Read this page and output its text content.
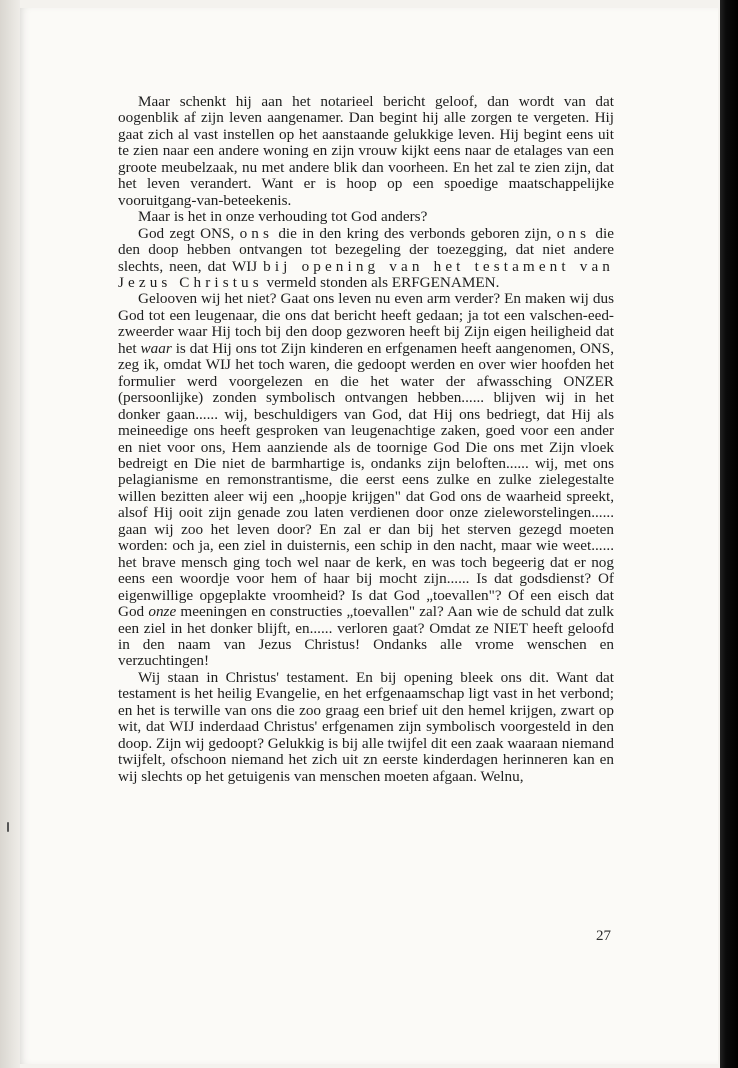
Maar schenkt hij aan het notarieel bericht geloof, dan wordt van dat oogenblik af zijn leven aangenamer. Dan begint hij alle zorgen te vergeten. Hij gaat zich al vast instellen op het aanstaande gelukkige leven. Hij begint eens uit te zien naar een andere woning en zijn vrouw kijkt eens naar de etalages van een groote meubelzaak, nu met andere blik dan voorheen. En het zal te zien zijn, dat het leven verandert. Want er is hoop op een spoedige maatschappelijke vooruitgang-van-beteekenis.

Maar is het in onze verhouding tot God anders?

God zegt ONS, ons die in den kring des verbonds geboren zijn, ons die den doop hebben ontvangen tot bezegeling der toezegging, dat niet andere slechts, neen, dat WIJ bij opening van het testament van Jezus Christus vermeld stonden als ERFGENAMEN.

Gelooven wij het niet? Gaat ons leven nu even arm verder? En maken wij dus God tot een leugenaar, die ons dat bericht heeft gedaan; ja tot een valschen-eed-zweerder waar Hij toch bij den doop gezworen heeft bij Zijn eigen heiligheid dat het waar is dat Hij ons tot Zijn kinderen en erfgenamen heeft aangenomen, ONS, zeg ik, omdat WIJ het toch waren, die gedoopt werden en over wier hoofden het formulier werd voorgelezen en die het water der afwassching ONZER (persoonlijke) zonden symbolisch ontvangen hebben...... blijven wij in het donker gaan...... wij, beschuldigers van God, dat Hij ons bedriegt, dat Hij als meineedige ons heeft gesproken van leugenachtige zaken, goed voor een ander en niet voor ons, Hem aanziende als de toornige God Die ons met Zijn vloek bedreigt en Die niet de barmhartige is, ondanks zijn beloften...... wij, met ons pelagianisme en remonstrantisme, die eerst eens zulke en zulke zielegestalte willen bezitten aleer wij een „hoopje krijgen" dat God ons de waarheid spreekt, alsof Hij ooit zijn genade zou laten verdienen door onze zieleworstelingen...... gaan wij zoo het leven door? En zal er dan bij het sterven gezegd moeten worden: och ja, een ziel in duisternis, een schip in den nacht, maar wie weet...... het brave mensch ging toch wel naar de kerk, en was toch begeerig dat er nog eens een woordje voor hem of haar bij mocht zijn...... Is dat godsdienst? Of eigenwillige opgeplakte vroomheid? Is dat God „toevallen"? Of een eisch dat God onze meeningen en constructies „toevallen" zal? Aan wie de schuld dat zulk een ziel in het donker blijft, en...... verloren gaat? Omdat ze NIET heeft geloofd in den naam van Jezus Christus! Ondanks alle vrome wenschen en verzuchtingen!

Wij staan in Christus' testament. En bij opening bleek ons dit. Want dat testament is het heilig Evangelie, en het erfgenaamschap ligt vast in het verbond; en het is terwille van ons die zoo graag een brief uit den hemel krijgen, zwart op wit, dat WIJ inderdaad Christus' erfgenamen zijn symbolisch voorgesteld in den doop. Zijn wij gedoopt? Gelukkig is bij alle twijfel dit een zaak waaraan niemand twijfelt, ofschoon niemand het zich uit zn eerste kinderdagen herinneren kan en wij slechts op het getuigenis van menschen moeten afgaan. Welnu,

27
